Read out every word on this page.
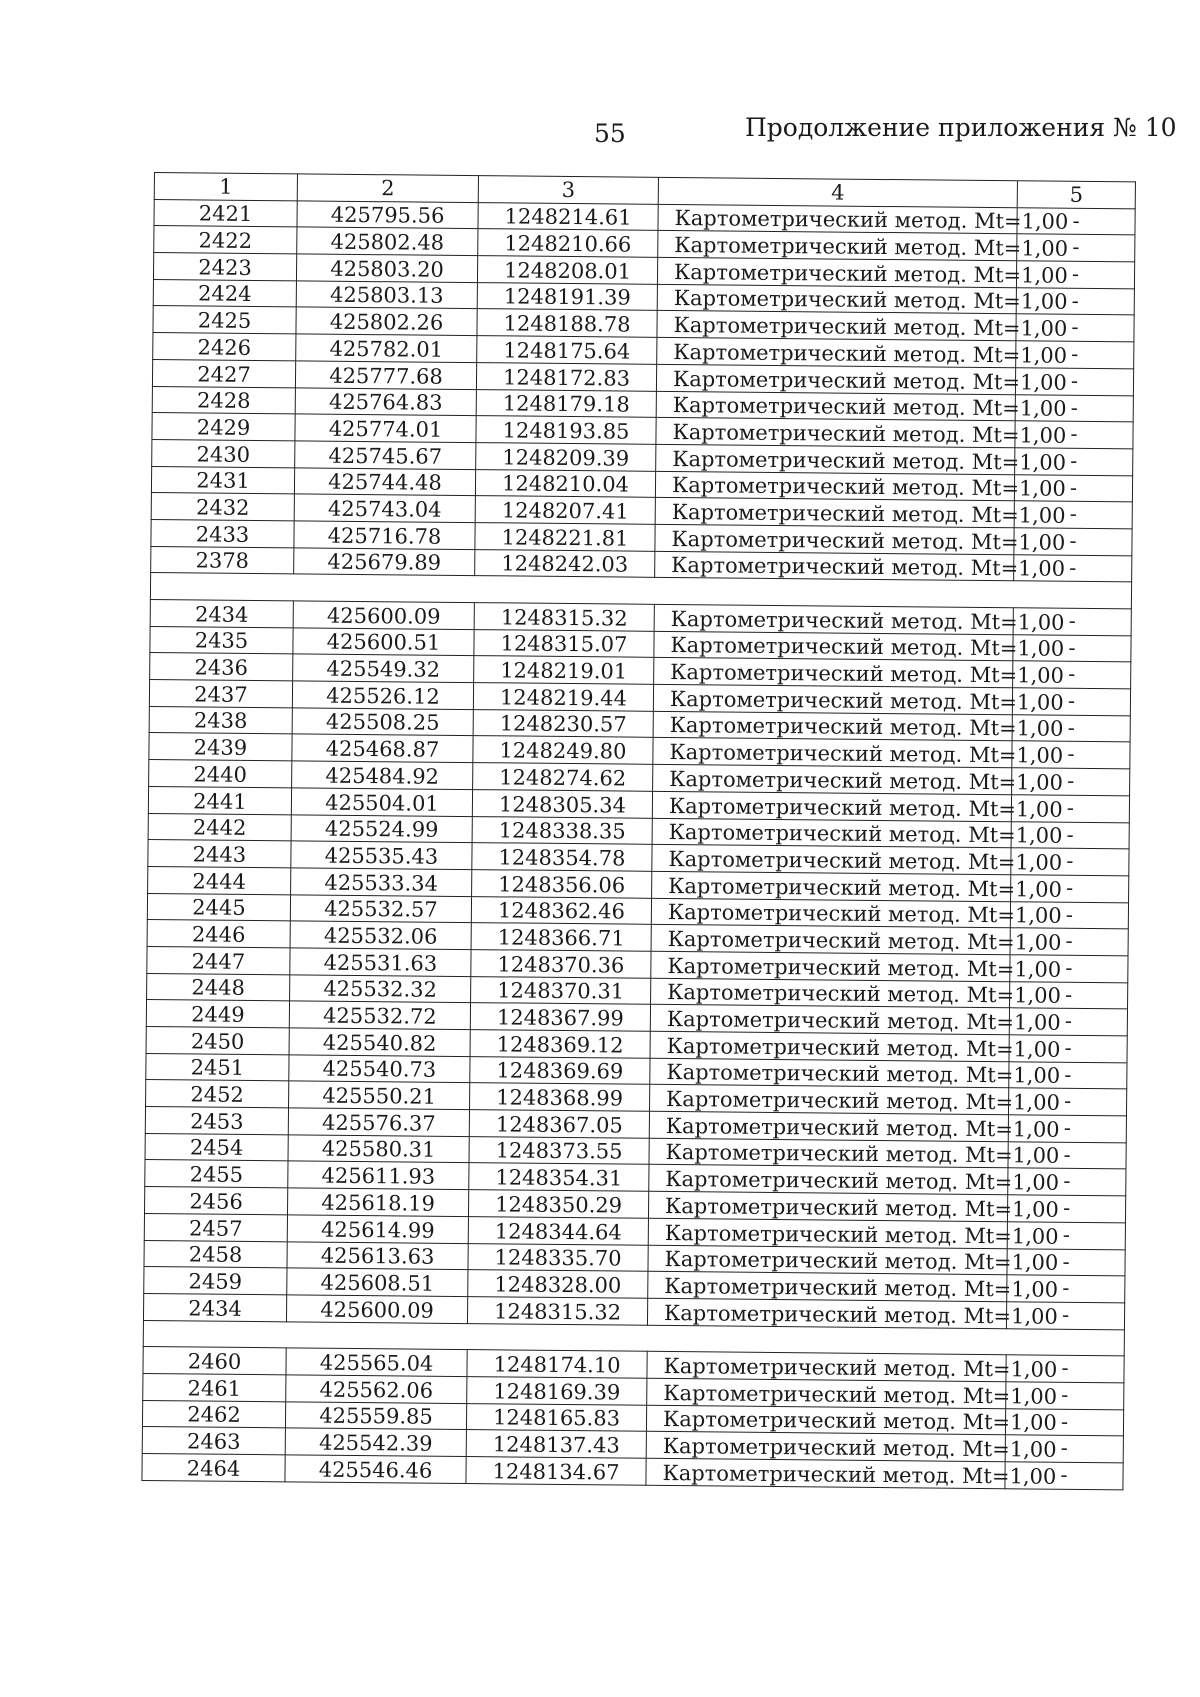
55	Продолжение приложения № 10
1	2	3	4	5
2421	425795.56	1248214.61	Картометрический метод. Mt=1,00	-
2422	425802.48	1248210.66	Картометрический метод. Mt=1,00	-
2423	425803.20	1248208.01	Картометрический метод. Mt=1,00	-
2424	425803.13	1248191.39	Картометрический метод. Mt=1,00	-
2425	425802.26	1248188.78	Картометрический метод. Mt=1,00	-
2426	425782.01	1248175.64	Картометрический метод. Mt=1,00	-
2427	425777.68	1248172.83	Картометрический метод. Mt=1,00	-
2428	425764.83	1248179.18	Картометрический метод. Mt=1,00	-
2429	425774.01	1248193.85	Картометрический метод. Mt=1,00	-
2430	425745.67	1248209.39	Картометрический метод. Mt=1,00	-
2431	425744.48	1248210.04	Картометрический метод. Mt=1,00	-
2432	425743.04	1248207.41	Картометрический метод. Mt=1,00	-
2433	425716.78	1248221.81	Картометрический метод. Mt=1,00	-
2378	425679.89	1248242.03	Картометрический метод. Mt=1,00	-

2434	425600.09	1248315.32	Картометрический метод. Mt=1,00	-
2435	425600.51	1248315.07	Картометрический метод. Mt=1,00	-
2436	425549.32	1248219.01	Картометрический метод. Mt=1,00	-
2437	425526.12	1248219.44	Картометрический метод. Mt=1,00	-
2438	425508.25	1248230.57	Картометрический метод. Mt=1,00	-
2439	425468.87	1248249.80	Картометрический метод. Mt=1,00	-
2440	425484.92	1248274.62	Картометрический метод. Mt=1,00	-
2441	425504.01	1248305.34	Картометрический метод. Mt=1,00	-
2442	425524.99	1248338.35	Картометрический метод. Mt=1,00	-
2443	425535.43	1248354.78	Картометрический метод. Mt=1,00	-
2444	425533.34	1248356.06	Картометрический метод. Mt=1,00	-
2445	425532.57	1248362.46	Картометрический метод. Mt=1,00	-
2446	425532.06	1248366.71	Картометрический метод. Mt=1,00	-
2447	425531.63	1248370.36	Картометрический метод. Mt=1,00	-
2448	425532.32	1248370.31	Картометрический метод. Mt=1,00	-
2449	425532.72	1248367.99	Картометрический метод. Mt=1,00	-
2450	425540.82	1248369.12	Картометрический метод. Mt=1,00	-
2451	425540.73	1248369.69	Картометрический метод. Mt=1,00	-
2452	425550.21	1248368.99	Картометрический метод. Mt=1,00	-
2453	425576.37	1248367.05	Картометрический метод. Mt=1,00	-
2454	425580.31	1248373.55	Картометрический метод. Mt=1,00	-
2455	425611.93	1248354.31	Картометрический метод. Mt=1,00	-
2456	425618.19	1248350.29	Картометрический метод. Mt=1,00	-
2457	425614.99	1248344.64	Картометрический метод. Mt=1,00	-
2458	425613.63	1248335.70	Картометрический метод. Mt=1,00	-
2459	425608.51	1248328.00	Картометрический метод. Mt=1,00	-
2434	425600.09	1248315.32	Картометрический метод. Mt=1,00	-

2460	425565.04	1248174.10	Картометрический метод. Mt=1,00	-
2461	425562.06	1248169.39	Картометрический метод. Mt=1,00	-
2462	425559.85	1248165.83	Картометрический метод. Mt=1,00	-
2463	425542.39	1248137.43	Картометрический метод. Mt=1,00	-
2464	425546.46	1248134.67	Картометрический метод. Mt=1,00	-
